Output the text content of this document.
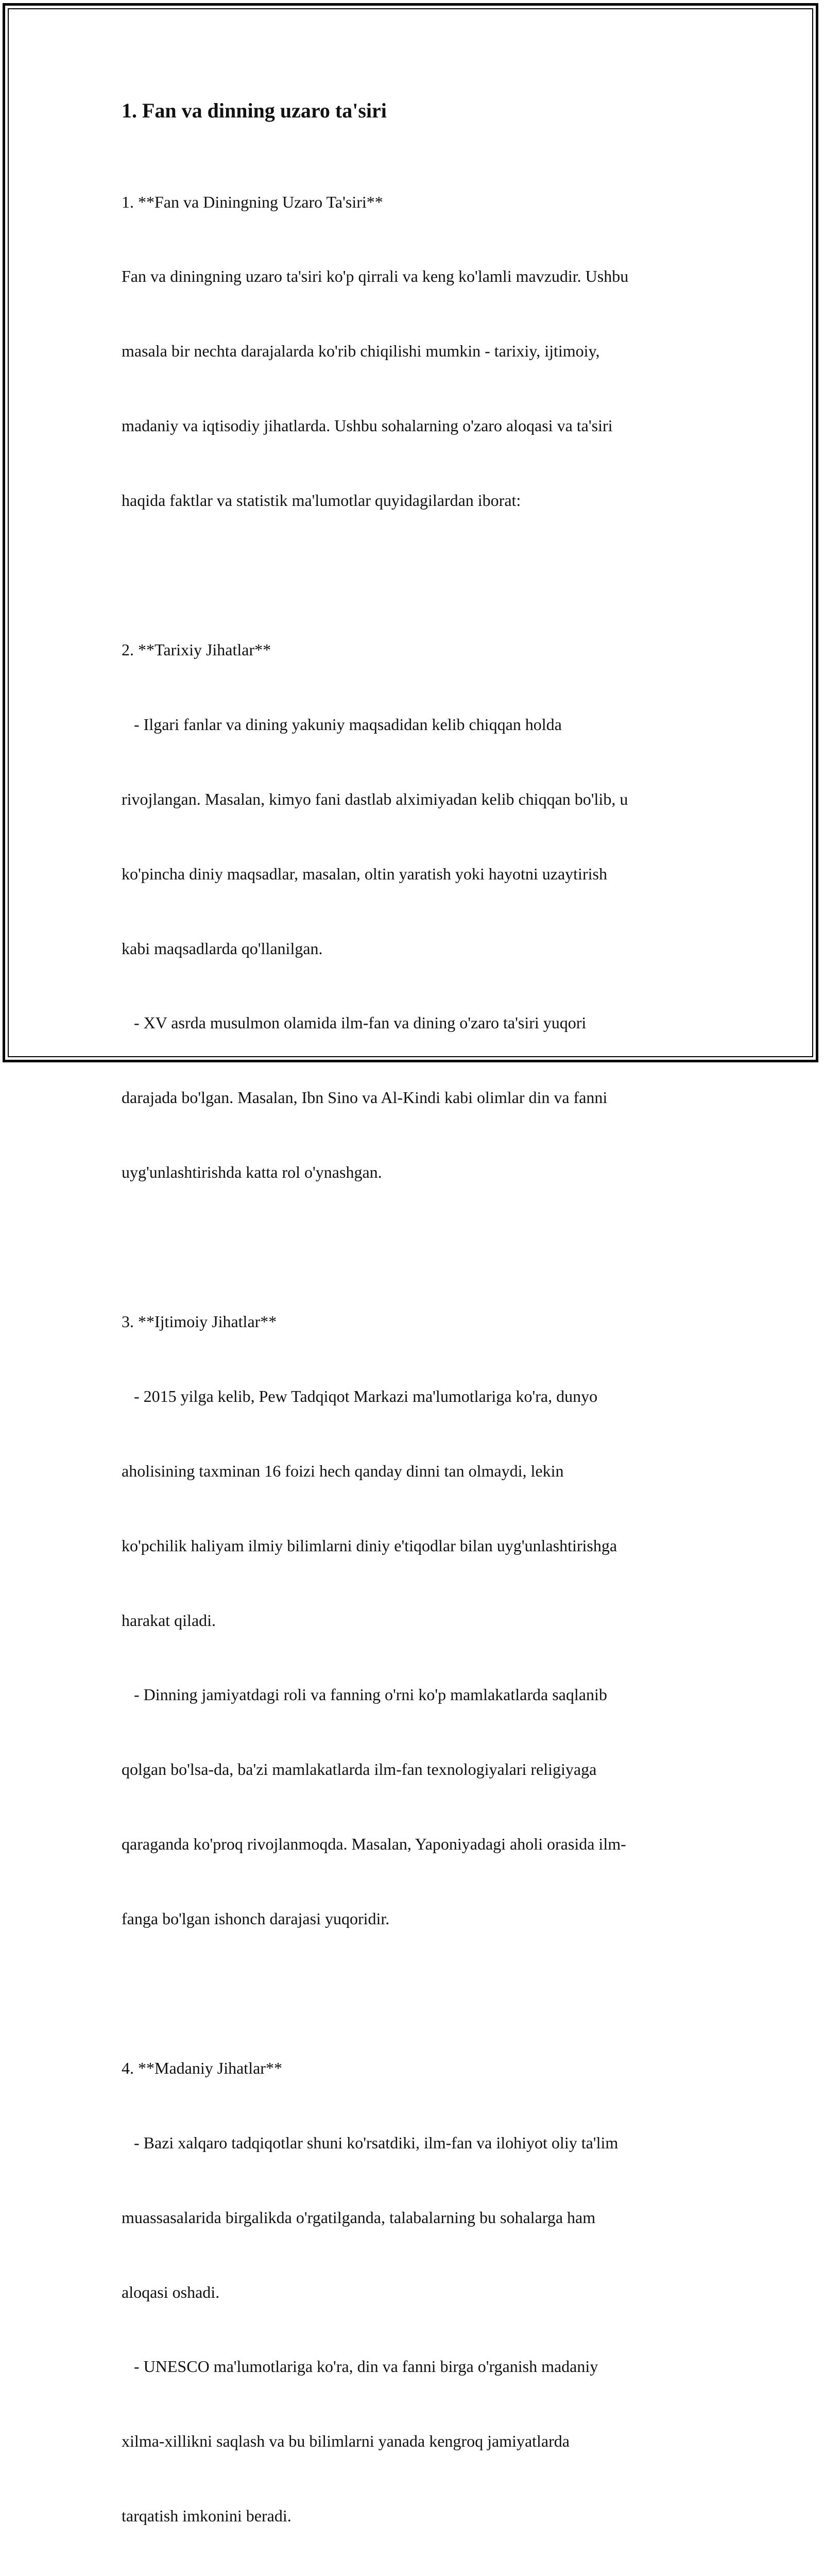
1. Fan va dinning uzaro ta'siri

1. **Fan va Diningning Uzaro Ta'siri**

Fan va diningning uzaro ta'siri ko'p qirrali va keng ko'lamli mavzudir. Ushbu

masala bir nechta darajalarda ko'rib chiqilishi mumkin - tarixiy, ijtimoiy,

madaniy va iqtisodiy jihatlarda. Ushbu sohalarning o'zaro aloqasi va ta'siri

haqida faktlar va statistik ma'lumotlar quyidagilardan iborat:

2. **Tarixiy Jihatlar**

- Ilgari fanlar va dining yakuniy maqsadidan kelib chiqqan holda

rivojlangan. Masalan, kimyo fani dastlab alximiyadan kelib chiqqan bo'lib, u

ko'pincha diniy maqsadlar, masalan, oltin yaratish yoki hayotni uzaytirish

kabi maqsadlarda qo'llanilgan.

- XV asrda musulmon olamida ilm-fan va dining o'zaro ta'siri yuqori

darajada bo'lgan. Masalan, Ibn Sino va Al-Kindi kabi olimlar din va fanni

uyg'unlashtirishda katta rol o'ynashgan.

3. **Ijtimoiy Jihatlar**

- 2015 yilga kelib, Pew Tadqiqot Markazi ma'lumotlariga ko'ra, dunyo

aholisining taxminan 16 foizi hech qanday dinni tan olmaydi, lekin

ko'pchilik haliyam ilmiy bilimlarni diniy e'tiqodlar bilan uyg'unlashtirishga

harakat qiladi.

- Dinning jamiyatdagi roli va fanning o'rni ko'p mamlakatlarda saqlanib

qolgan bo'lsa-da, ba'zi mamlakatlarda ilm-fan texnologiyalari religiyaga

qaraganda ko'proq rivojlanmoqda. Masalan, Yaponiyadagi aholi orasida ilm-

fanga bo'lgan ishonch darajasi yuqoridir.

4. **Madaniy Jihatlar**

- Bazi xalqaro tadqiqotlar shuni ko'rsatdiki, ilm-fan va ilohiyot oliy ta'lim

muassasalarida birgalikda o'rgatilganda, talabalarning bu sohalarga ham

aloqasi oshadi.

- UNESCO ma'lumotlariga ko'ra, din va fanni birga o'rganish madaniy

xilma-xillikni saqlash va bu bilimlarni yanada kengroq jamiyatlarda

tarqatish imkonini beradi.
